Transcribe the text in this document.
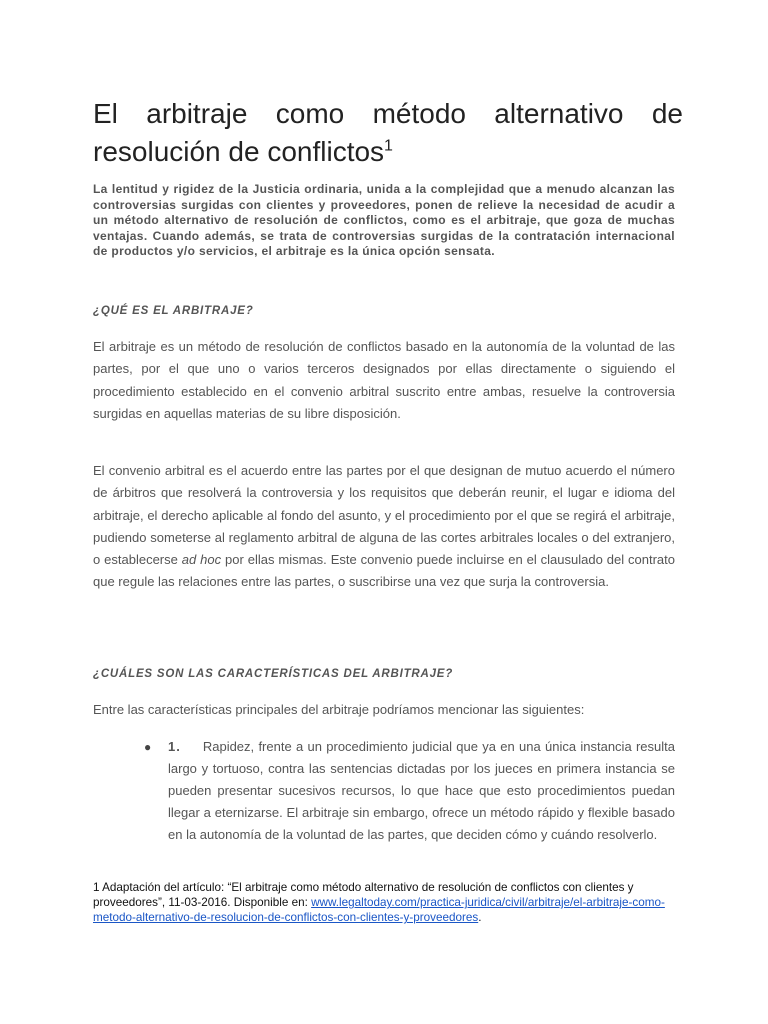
El arbitraje como método alternativo de resolución de conflictos$^1$

La lentitud y rigidez de la Justicia ordinaria, unida a la complejidad que a menudo alcanzan las controversias surgidas con clientes y proveedores, ponen de relieve la necesidad de acudir a un método alternativo de resolución de conflictos, como es el arbitraje, que goza de muchas ventajas. Cuando además, se trata de controversias surgidas de la contratación internacional de productos y/o servicios, el arbitraje es la única opción sensata.

¿QUÉ ES EL ARBITRAJE?

El arbitraje es un método de resolución de conflictos basado en la autonomía de la voluntad de las partes, por el que uno o varios terceros designados por ellas directamente o siguiendo el procedimiento establecido en el convenio arbitral suscrito entre ambas, resuelve la controversia surgidas en aquellas materias de su libre disposición.

El convenio arbitral es el acuerdo entre las partes por el que designan de mutuo acuerdo el número de árbitros que resolverá la controversia y los requisitos que deberán reunir, el lugar e idioma del arbitraje, el derecho aplicable al fondo del asunto, y el procedimiento por el que se regirá el arbitraje, pudiendo someterse al reglamento arbitral de alguna de las cortes arbitrales locales o del extranjero, o establecerse ad hoc por ellas mismas. Este convenio puede incluirse en el clausulado del contrato que regule las relaciones entre las partes, o suscribirse una vez que surja la controversia.

¿CUÁLES SON LAS CARACTERÍSTICAS DEL ARBITRAJE?

Entre las características principales del arbitraje podríamos mencionar las siguientes:

● 1. Rapidez, frente a un procedimiento judicial que ya en una única instancia resulta largo y tortuoso, contra las sentencias dictadas por los jueces en primera instancia se pueden presentar sucesivos recursos, lo que hace que esto procedimientos puedan llegar a eternizarse. El arbitraje sin embargo, ofrece un método rápido y flexible basado en la autonomía de la voluntad de las partes, que deciden cómo y cuándo resolverlo.

1 Adaptación del artículo: “El arbitraje como método alternativo de resolución de conflictos con clientes y proveedores”, 11-03-2016. Disponible en: www.legaltoday.com/practica-juridica/civil/arbitraje/el-arbitraje-como-metodo-alternativo-de-resolucion-de-conflictos-con-clientes-y-proveedores.
